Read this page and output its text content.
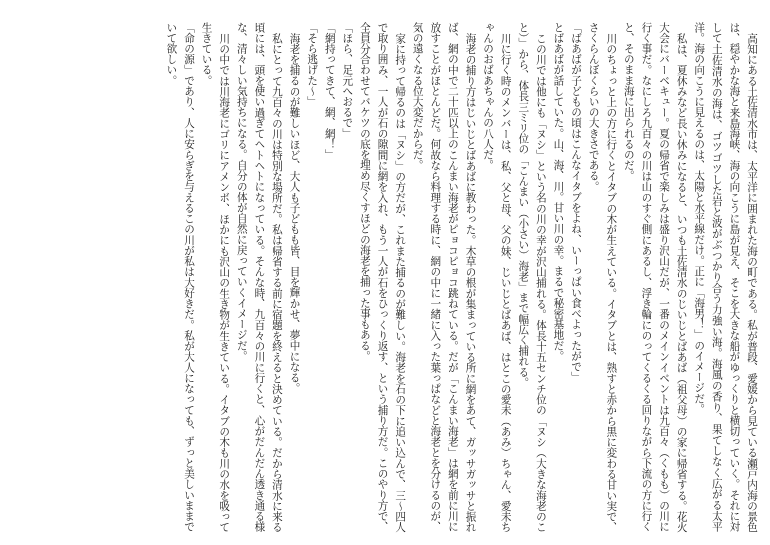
高知にある土佐清水市は、太平洋に囲まれた海の町である。私が普段、愛媛から見ている瀬戸内海の景色は、穏やかな海と来島海峡、海の向こうに島が見え、そこを大きな船がゆっくりと横切っていく。それに対して土佐清水の海は、ゴツゴツした岩と波がぶつかり合う力強い海。海風の香り、果てしなく広がる太平洋。海の向こうに見えるのは、太陽と水平線だけ。正に「海男！」のイメージだ。

私は、夏休みなど長い休みになると、いつも土佐清水のじいじとばあば（祖父母）の家に帰省する。花火大会にバーベキュー。夏の帰省で楽しみは盛り沢山だが、一番のメインイベントは九百々（くもも）の川に行く事だ。なにしろ九百々の川は山のすぐ側にあるし、浮き輪にのってくるくる回りながら下流の方に行くと、そのまま海に出られるのだ。

川のちょっと上の方に行くとイタブの木が生えている。イタブとは、熟すと赤から黒に変わる甘い実で、さくらんぼくらいの大きさである。

「ばあばが子どもの頃はこんなイタブをよね、いーっぱい食べよったがで」

とばあばが話していた。山、海、川。甘い川の幸。まるで秘密基地だ。

この川では他にも「ヌシ」という名の川の幸が沢山捕れる。体長十五センチ位の「ヌシ（大きな海老のこと）」から、体長三ミリ位の「こんまい（小さい）海老」まで幅広く捕れる。

川に行く時のメンバーは、私、父と母、父の妹、じいじとばあば、はとこの愛未（あみ）ちゃん、愛未ちゃんのおばあちゃんの八人だ。

海老の捕り方はじいじとばあばに教わった。木草の根が集まっている所に網をあて、ガッサガッサと振れば、網の中で二十匹以上のこんまい海老がピョコピョコ跳ねている。だが「こんまい海老」は網を前に川に放すことがほとんどだ。何故なら料理する時に、網の中に一緒に入った葉っぱなどと海老とを分けるのが、気の遠くなる位大変だからだ。

家に持って帰るのは「ヌシ」の方だが、これまた捕るのが難しい。海老を石の下に追い込んで、三〜四人で取り囲み、一人が石の隙間に網を入れ、もう一人が石をひっくり返す、という捕り方だ。このやり方で、全員分合わせてバケツの底を埋め尽くすほどの海老を捕った事もある。

「ほら、足元へおるで」

「網持ってきて、網、網！」

「そら逃げた〜」

海老を捕るのが難しいほど、大人も子どもも皆、目を輝かせ、夢中になる。

私にとって九百々の川は特別な場所だ。私は帰省する前に宿題を終えると決めている。だから清水に来る頃には、頭を使い過ぎてヘトヘトになっている。そんな時、九百々の川に行くと、心がだんだん透き通る様な、清々しい気持ちになる。自分の体が自然に戻っていくイメージだ。

川の中では川海老にゴリにアメンボ、ほかにも沢山の生き物が生きている。イタブの木も川の水を吸って生きている。

「命の源」であり、人に安らぎを与えるこの川が私は大好きだ。私が大人になっても、ずっと美しいままでいて欲しい。
